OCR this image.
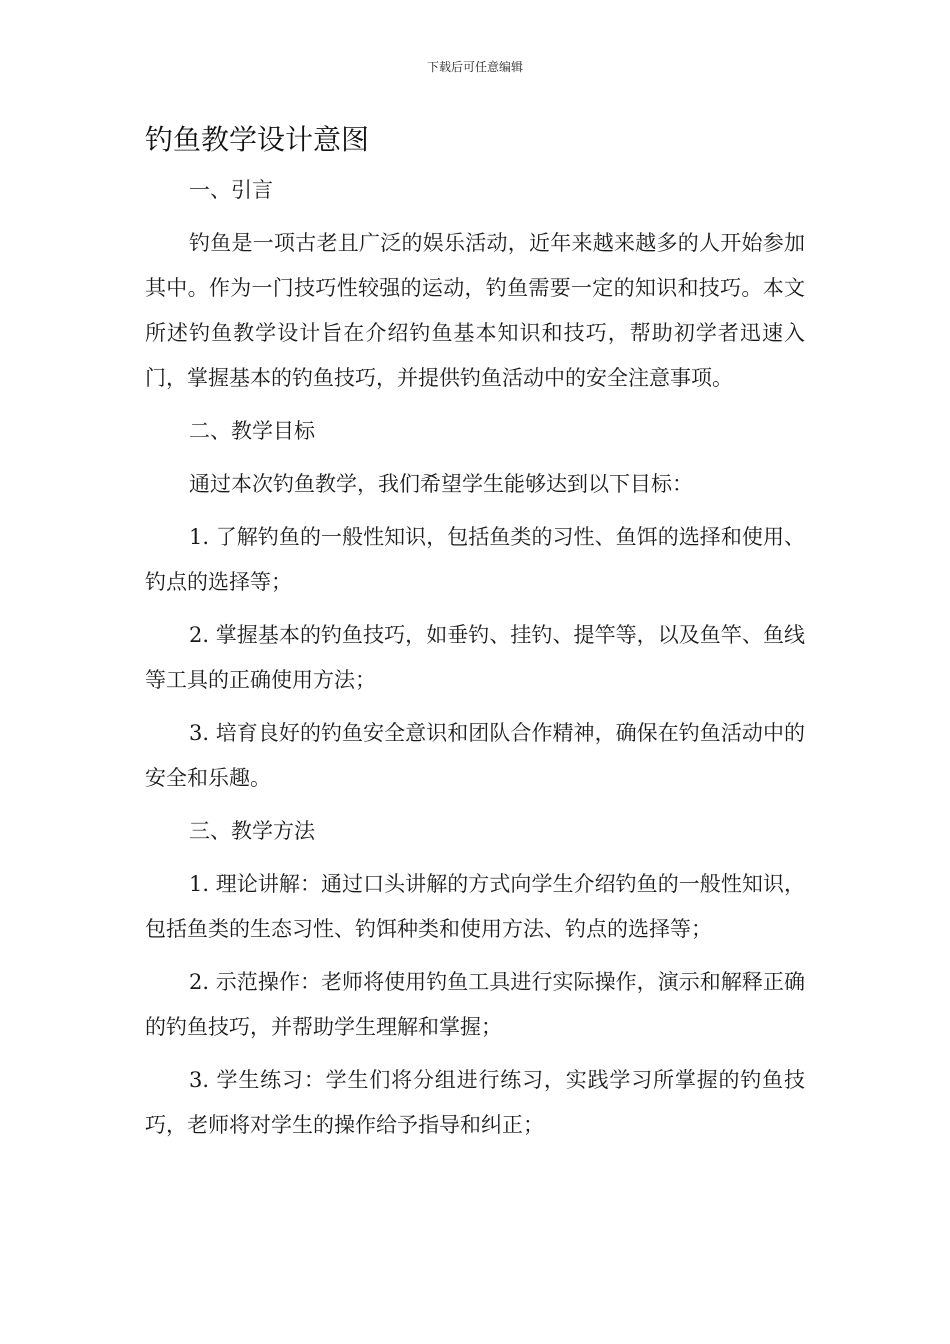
下载后可任意编辑
钓鱼教学设计意图

一、引言

钓鱼是一项古老且广泛的娱乐活动，近年来越来越多的人开始参加其中。作为一门技巧性较强的运动，钓鱼需要一定的知识和技巧。本文所述钓鱼教学设计旨在介绍钓鱼基本知识和技巧，帮助初学者迅速入门，掌握基本的钓鱼技巧，并提供钓鱼活动中的安全注意事项。

二、教学目标

通过本次钓鱼教学，我们希望学生能够达到以下目标：

1. 了解钓鱼的一般性知识，包括鱼类的习性、鱼饵的选择和使用、钓点的选择等；

2. 掌握基本的钓鱼技巧，如垂钓、挂钓、提竿等，以及鱼竿、鱼线等工具的正确使用方法；

3. 培育良好的钓鱼安全意识和团队合作精神，确保在钓鱼活动中的安全和乐趣。

三、教学方法

1. 理论讲解：通过口头讲解的方式向学生介绍钓鱼的一般性知识，包括鱼类的生态习性、钓饵种类和使用方法、钓点的选择等；

2. 示范操作：老师将使用钓鱼工具进行实际操作，演示和解释正确的钓鱼技巧，并帮助学生理解和掌握；

3. 学生练习：学生们将分组进行练习，实践学习所掌握的钓鱼技巧，老师将对学生的操作给予指导和纠正；
